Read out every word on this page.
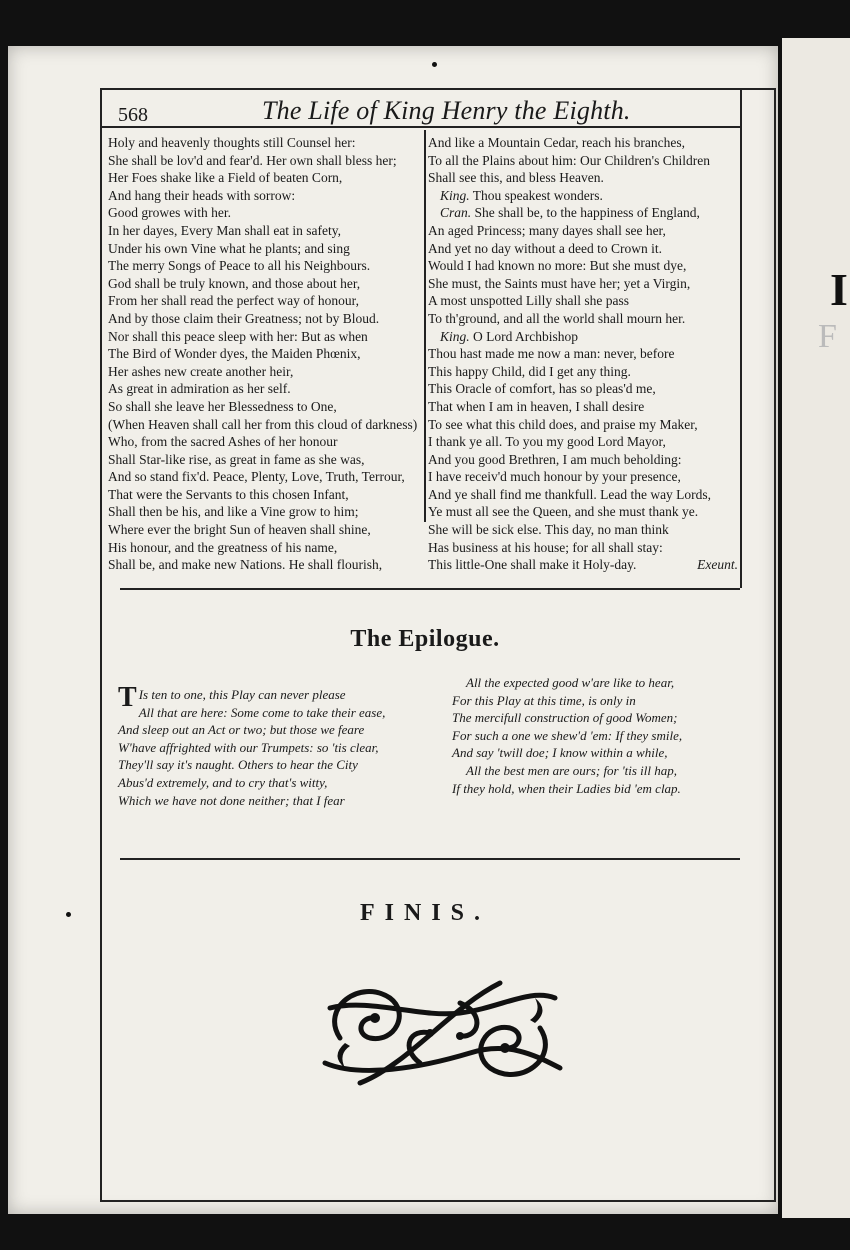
I
F
568	The Life of King Henry the Eighth.
Holy and heavenly thoughts still Counsel her:
She shall be lov'd and fear'd. Her own shall bless her;
Her Foes shake like a Field of beaten Corn,
And hang their heads with sorrow:
Good growes with her.
In her dayes, Every Man shall eat in safety,
Under his own Vine what he plants; and sing
The merry Songs of Peace to all his Neighbours.
God shall be truly known, and those about her,
From her shall read the perfect way of honour,
And by those claim their Greatness; not by Bloud.
Nor shall this peace sleep with her: But as when
The Bird of Wonder dyes, the Maiden Phœnix,
Her ashes new create another heir,
As great in admiration as her self.
So shall she leave her Blessedness to One,
(When Heaven shall call her from this cloud of darkness)
Who, from the sacred Ashes of her honour
Shall Star-like rise, as great in fame as she was,
And so stand fix'd. Peace, Plenty, Love, Truth, Terrour,
That were the Servants to this chosen Infant,
Shall then be his, and like a Vine grow to him;
Where ever the bright Sun of heaven shall shine,
His honour, and the greatness of his name,
Shall be, and make new Nations. He shall flourish,
And like a Mountain Cedar, reach his branches,
To all the Plains about him: Our Children's Children
Shall see this, and bless Heaven.
King. Thou speakest wonders.
Cran. She shall be, to the happiness of England,
An aged Princess; many dayes shall see her,
And yet no day without a deed to Crown it.
Would I had known no more: But she must dye,
She must, the Saints must have her; yet a Virgin,
A most unspotted Lilly shall she pass
To th'ground, and all the world shall mourn her.
King. O Lord Archbishop
Thou hast made me now a man: never, before
This happy Child, did I get any thing.
This Oracle of comfort, has so pleas'd me,
That when I am in heaven, I shall desire
To see what this child does, and praise my Maker,
I thank ye all. To you my good Lord Mayor,
And you good Brethren, I am much beholding:
I have receiv'd much honour by your presence,
And ye shall find me thankfull. Lead the way Lords,
Ye must all see the Queen, and she must thank ye.
She will be sick else. This day, no man think
Has business at his house; for all shall stay:
This little-One shall make it Holy-day.	Exeunt.
The Epilogue.
T Is ten to one, this Play can never please
All that are here: Some come to take their ease,
And sleep out an Act or two; but those we feare
W'have affrighted with our Trumpets: so 'tis clear,
They'll say it's naught. Others to hear the City
Abus'd extremely, and to cry that's witty,
Which we have not done neither; that I fear
All the expected good w'are like to hear,
For this Play at this time, is only in
The mercifull construction of good Women;
For such a one we shew'd 'em: If they smile,
And say 'twill doe; I know within a while,
All the best men are ours; for 'tis ill hap,
If they hold, when their Ladies bid 'em clap.
FINIS.
